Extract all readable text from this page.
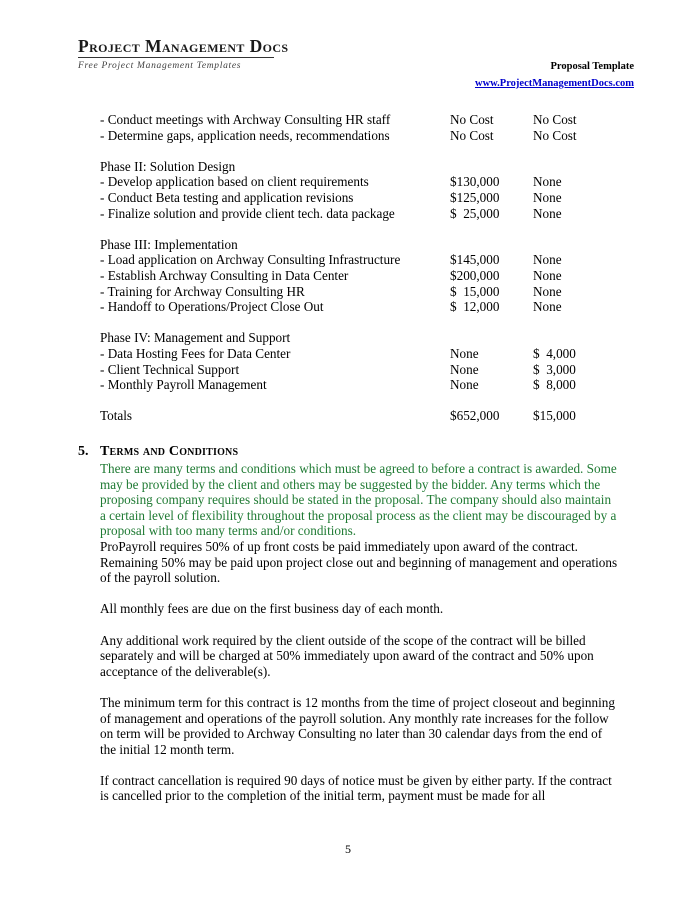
Project Management Docs
Free Project Management Templates	Proposal Template
www.ProjectManagementDocs.com
- Conduct meetings with Archway Consulting HR staff	No Cost	No Cost
- Determine gaps, application needs, recommendations	No Cost	No Cost

Phase II: Solution Design		
- Develop application based on client requirements	$130,000	None
- Conduct Beta testing and application revisions	$125,000	None
- Finalize solution and provide client tech. data package	$  25,000	None

Phase III: Implementation		
- Load application on Archway Consulting Infrastructure	$145,000	None
- Establish Archway Consulting in Data Center	$200,000	None
- Training for Archway Consulting HR	$  15,000	None
- Handoff to Operations/Project Close Out	$  12,000	None

Phase IV: Management and Support		
- Data Hosting Fees for Data Center	None	$  4,000
- Client Technical Support	None	$  3,000
- Monthly Payroll Management	None	$  8,000

Totals	$652,000	$15,000
5. Terms and Conditions

There are many terms and conditions which must be agreed to before a contract is awarded. Some may be provided by the client and others may be suggested by the bidder. Any terms which the proposing company requires should be stated in the proposal. The company should also maintain a certain level of flexibility throughout the proposal process as the client may be discouraged by a proposal with too many terms and/or conditions.

ProPayroll requires 50% of up front costs be paid immediately upon award of the contract. Remaining 50% may be paid upon project close out and beginning of management and operations of the payroll solution.

All monthly fees are due on the first business day of each month.

Any additional work required by the client outside of the scope of the contract will be billed separately and will be charged at 50% immediately upon award of the contract and 50% upon acceptance of the deliverable(s).

The minimum term for this contract is 12 months from the time of project closeout and beginning of management and operations of the payroll solution. Any monthly rate increases for the follow on term will be provided to Archway Consulting no later than 30 calendar days from the end of the initial 12 month term.

If contract cancellation is required 90 days of notice must be given by either party. If the contract is cancelled prior to the completion of the initial term, payment must be made for all

5
